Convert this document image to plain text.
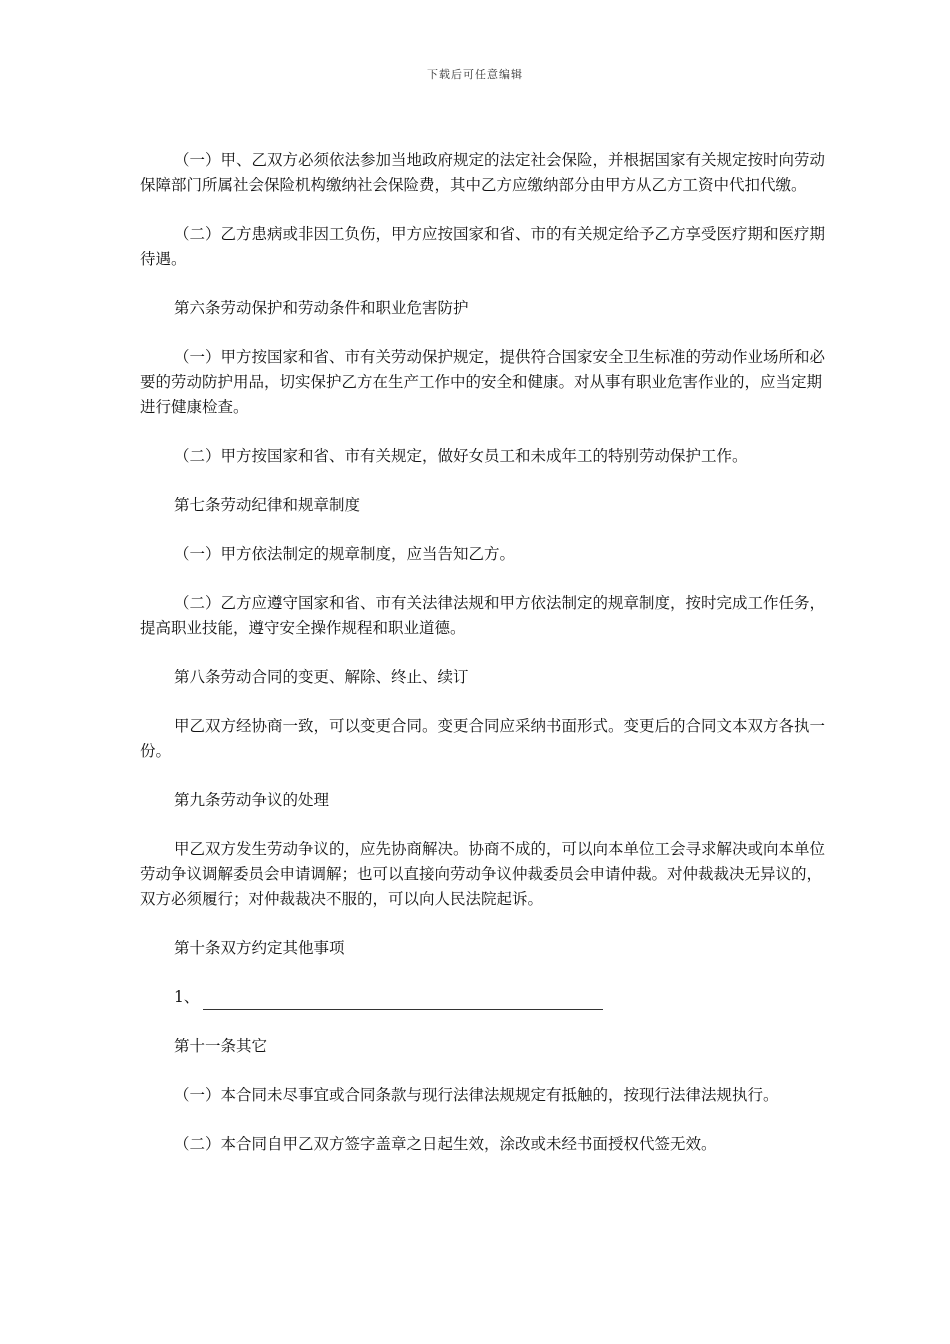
下载后可任意编辑

（一）甲、乙双方必须依法参加当地政府规定的法定社会保险，并根据国家有关规定按时向劳动保障部门所属社会保险机构缴纳社会保险费，其中乙方应缴纳部分由甲方从乙方工资中代扣代缴。

（二）乙方患病或非因工负伤，甲方应按国家和省、市的有关规定给予乙方享受医疗期和医疗期待遇。

第六条劳动保护和劳动条件和职业危害防护

（一）甲方按国家和省、市有关劳动保护规定，提供符合国家安全卫生标准的劳动作业场所和必要的劳动防护用品，切实保护乙方在生产工作中的安全和健康。对从事有职业危害作业的，应当定期进行健康检查。

（二）甲方按国家和省、市有关规定，做好女员工和未成年工的特别劳动保护工作。

第七条劳动纪律和规章制度

（一）甲方依法制定的规章制度，应当告知乙方。

（二）乙方应遵守国家和省、市有关法律法规和甲方依法制定的规章制度，按时完成工作任务，提高职业技能，遵守安全操作规程和职业道德。

第八条劳动合同的变更、解除、终止、续订

甲乙双方经协商一致，可以变更合同。变更合同应采纳书面形式。变更后的合同文本双方各执一份。

第九条劳动争议的处理

甲乙双方发生劳动争议的，应先协商解决。协商不成的，可以向本单位工会寻求解决或向本单位劳动争议调解委员会申请调解；也可以直接向劳动争议仲裁委员会申请仲裁。对仲裁裁决无异议的，双方必须履行；对仲裁裁决不服的，可以向人民法院起诉。

第十条双方约定其他事项

1、

第十一条其它

（一）本合同未尽事宜或合同条款与现行法律法规规定有抵触的，按现行法律法规执行。

（二）本合同自甲乙双方签字盖章之日起生效，涂改或未经书面授权代签无效。
